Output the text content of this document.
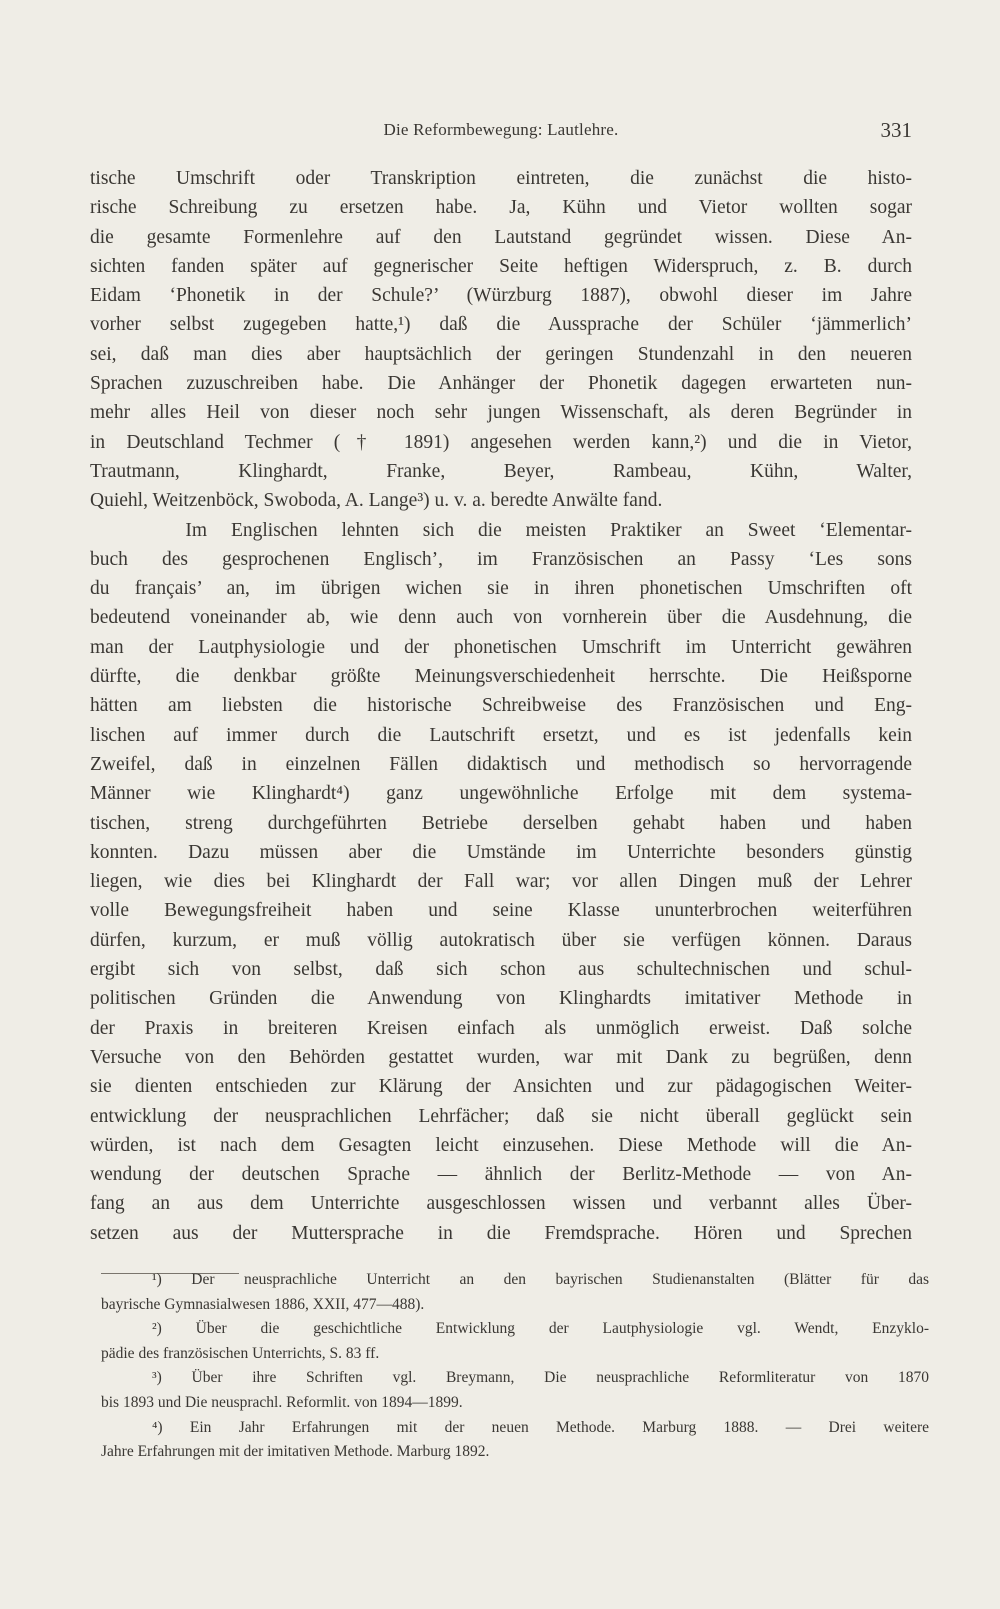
Die Reformbewegung: Lautlehre.	331
tische Umschrift oder Transkription eintreten, die zunächst die histo-
rische Schreibung zu ersetzen habe. Ja, Kühn und Vietor wollten sogar
die gesamte Formenlehre auf den Lautstand gegründet wissen. Diese An-
sichten fanden später auf gegnerischer Seite heftigen Widerspruch, z. B. durch
Eidam ‘Phonetik in der Schule?’ (Würzburg 1887), obwohl dieser im Jahre
vorher selbst zugegeben hatte,¹) daß die Aussprache der Schüler ‘jämmerlich’
sei, daß man dies aber hauptsächlich der geringen Stundenzahl in den neueren
Sprachen zuzuschreiben habe. Die Anhänger der Phonetik dagegen erwarteten nun-
mehr alles Heil von dieser noch sehr jungen Wissenschaft, als deren Begründer in
in Deutschland Techmer († 1891) angesehen werden kann,²) und die in Vietor,
Trautmann, Klinghardt, Franke, Beyer, Rambeau, Kühn, Walter,
Quiehl, Weitzenböck, Swoboda, A. Lange³) u. v. a. beredte Anwälte fand.
Im Englischen lehnten sich die meisten Praktiker an Sweet ‘Elementar-
buch des gesprochenen Englisch’, im Französischen an Passy ‘Les sons
du français’ an, im übrigen wichen sie in ihren phonetischen Umschriften oft
bedeutend voneinander ab, wie denn auch von vornherein über die Ausdehnung, die
man der Lautphysiologie und der phonetischen Umschrift im Unterricht gewähren
dürfte, die denkbar größte Meinungsverschiedenheit herrschte. Die Heißsporne
hätten am liebsten die historische Schreibweise des Französischen und Eng-
lischen auf immer durch die Lautschrift ersetzt, und es ist jedenfalls kein
Zweifel, daß in einzelnen Fällen didaktisch und methodisch so hervorragende
Männer wie Klinghardt⁴) ganz ungewöhnliche Erfolge mit dem systema-
tischen, streng durchgeführten Betriebe derselben gehabt haben und haben
konnten. Dazu müssen aber die Umstände im Unterrichte besonders günstig
liegen, wie dies bei Klinghardt der Fall war; vor allen Dingen muß der Lehrer
volle Bewegungsfreiheit haben und seine Klasse ununterbrochen weiterführen
dürfen, kurzum, er muß völlig autokratisch über sie verfügen können. Daraus
ergibt sich von selbst, daß sich schon aus schultechnischen und schul-
politischen Gründen die Anwendung von Klinghardts imitativer Methode in
der Praxis in breiteren Kreisen einfach als unmöglich erweist. Daß solche
Versuche von den Behörden gestattet wurden, war mit Dank zu begrüßen, denn
sie dienten entschieden zur Klärung der Ansichten und zur pädagogischen Weiter-
entwicklung der neusprachlichen Lehrfächer; daß sie nicht überall geglückt sein
würden, ist nach dem Gesagten leicht einzusehen. Diese Methode will die An-
wendung der deutschen Sprache — ähnlich der Berlitz-Methode — von An-
fang an aus dem Unterrichte ausgeschlossen wissen und verbannt alles Über-
setzen aus der Muttersprache in die Fremdsprache. Hören und Sprechen
¹) Der neusprachliche Unterricht an den bayrischen Studienanstalten (Blätter für das
bayrische Gymnasialwesen 1886, XXII, 477—488).
²) Über die geschichtliche Entwicklung der Lautphysiologie vgl. Wendt, Enzyklo-
pädie des französischen Unterrichts, S. 83 ff.
³) Über ihre Schriften vgl. Breymann, Die neusprachliche Reformliteratur von 1870
bis 1893 und Die neusprachl. Reformlit. von 1894—1899.
⁴) Ein Jahr Erfahrungen mit der neuen Methode. Marburg 1888. — Drei weitere
Jahre Erfahrungen mit der imitativen Methode. Marburg 1892.
